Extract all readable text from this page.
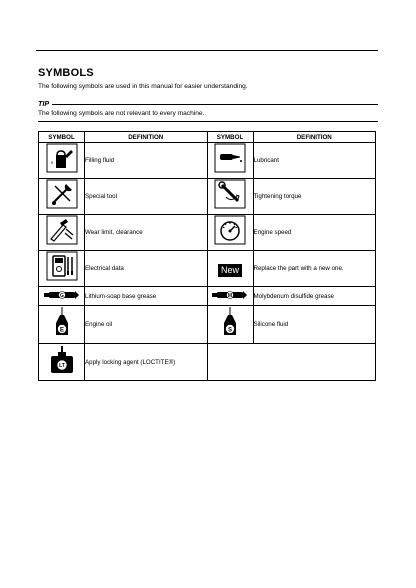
SYMBOLS
The following symbols are used in this manual for easier understanding.
TIP
The following symbols are not relevant to every machine.
SYMBOL	DEFINITION	SYMBOL	DEFINITION

	Filling fluid		Lubricant

	Special tool		Tightening torque

	Wear limit, clearance		Engine speed

	Electrical data	New	Replace the part with a new one.

G	Lithium-soap base grease	M	Molybdenum disulfide grease

E	Engine oil	S	Silicone fluid

LT	Apply locking agent (LOCTITE®)		
